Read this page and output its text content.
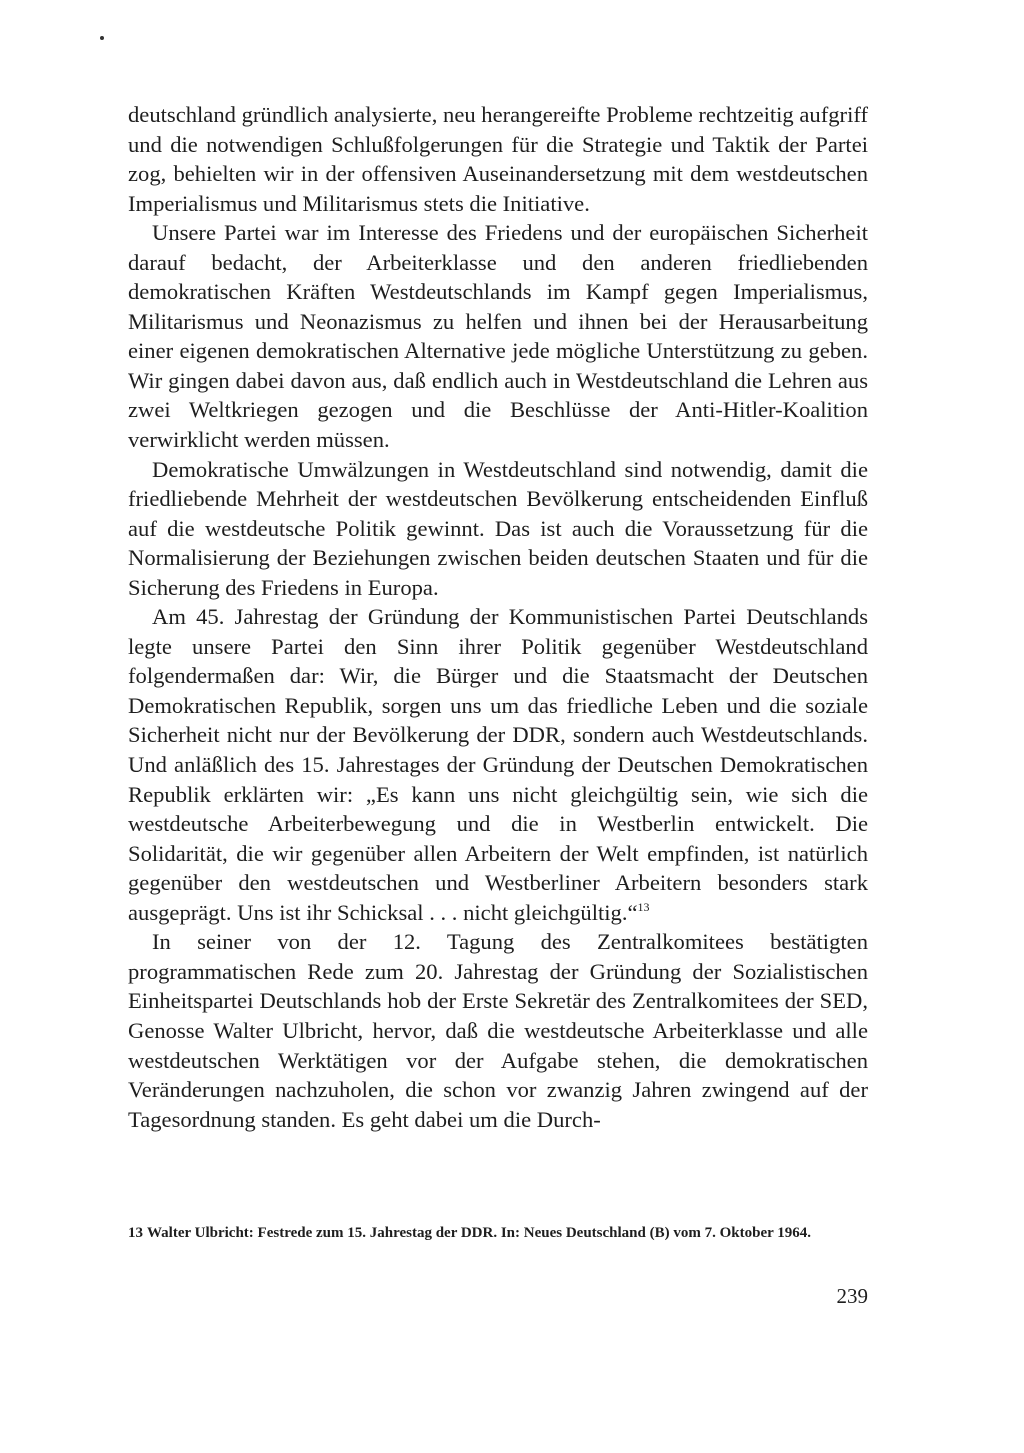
deutschland gründlich analysierte, neu herangereifte Probleme rechtzeitig aufgriff und die notwendigen Schlußfolgerungen für die Strategie und Taktik der Partei zog, behielten wir in der offensiven Auseinandersetzung mit dem westdeutschen Imperialismus und Militarismus stets die Initiative.

Unsere Partei war im Interesse des Friedens und der europäischen Sicherheit darauf bedacht, der Arbeiterklasse und den anderen friedliebenden demokratischen Kräften Westdeutschlands im Kampf gegen Imperialismus, Militarismus und Neonazismus zu helfen und ihnen bei der Herausarbeitung einer eigenen demokratischen Alternative jede mögliche Unterstützung zu geben. Wir gingen dabei davon aus, daß endlich auch in Westdeutschland die Lehren aus zwei Weltkriegen gezogen und die Beschlüsse der Anti-Hitler-Koalition verwirklicht werden müssen.

Demokratische Umwälzungen in Westdeutschland sind notwendig, damit die friedliebende Mehrheit der westdeutschen Bevölkerung entscheidenden Einfluß auf die westdeutsche Politik gewinnt. Das ist auch die Voraussetzung für die Normalisierung der Beziehungen zwischen beiden deutschen Staaten und für die Sicherung des Friedens in Europa.

Am 45. Jahrestag der Gründung der Kommunistischen Partei Deutschlands legte unsere Partei den Sinn ihrer Politik gegenüber Westdeutschland folgendermaßen dar: Wir, die Bürger und die Staatsmacht der Deutschen Demokratischen Republik, sorgen uns um das friedliche Leben und die soziale Sicherheit nicht nur der Bevölkerung der DDR, sondern auch Westdeutschlands. Und anläßlich des 15. Jahrestages der Gründung der Deutschen Demokratischen Republik erklärten wir: „Es kann uns nicht gleichgültig sein, wie sich die westdeutsche Arbeiterbewegung und die in Westberlin entwickelt. Die Solidarität, die wir gegenüber allen Arbeitern der Welt empfinden, ist natürlich gegenüber den westdeutschen und Westberliner Arbeitern besonders stark ausgeprägt. Uns ist ihr Schicksal . . . nicht gleichgültig.“$^{13}$

In seiner von der 12. Tagung des Zentralkomitees bestätigten programmatischen Rede zum 20. Jahrestag der Gründung der Sozialistischen Einheitspartei Deutschlands hob der Erste Sekretär des Zentralkomitees der SED, Genosse Walter Ulbricht, hervor, daß die westdeutsche Arbeiterklasse und alle westdeutschen Werktätigen vor der Aufgabe stehen, die demokratischen Veränderungen nachzuholen, die schon vor zwanzig Jahren zwingend auf der Tagesordnung standen. Es geht dabei um die Durch-

13 Walter Ulbricht: Festrede zum 15. Jahrestag der DDR. In: Neues Deutschland (B) vom 7. Oktober 1964.

239
